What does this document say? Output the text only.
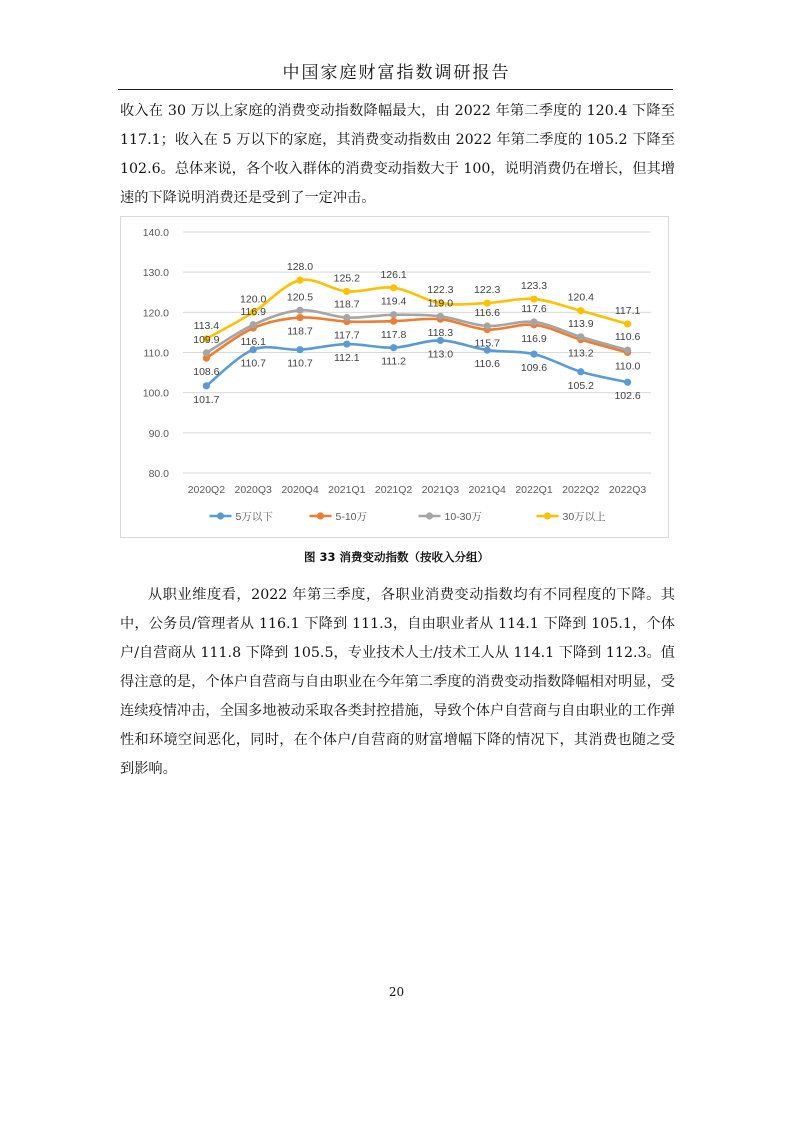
中国家庭财富指数调研报告

收入在 30 万以上家庭的消费变动指数降幅最大，由 2022 年第二季度的 120.4 下降至 117.1；收入在 5 万以下的家庭，其消费变动指数由 2022 年第二季度的 105.2 下降至 102.6。总体来说，各个收入群体的消费变动指数大于 100，说明消费仍在增长，但其增速的下降说明消费还是受到了一定冲击。

80.0
90.0
100.0
110.0
120.0
130.0
140.0
2020Q2 2020Q3 2020Q4 2021Q1 2021Q2 2021Q3 2021Q4 2022Q1 2022Q2 2022Q3
101.7
110.7 110.7 112.1 111.2
113.0
110.6 109.6
105.2
102.6
108.6
116.1
118.7 117.7 117.8 118.3
115.7 116.9
113.2
110.0
109.9
116.9
120.5
118.7 119.4 119.0
116.6 117.6
113.9
110.6
113.4
120.0
128.0
125.2 126.1
122.3 122.3 123.3
120.4
117.1
5万以下	5-10万	10-30万	30万以上
图 33 消费变动指数（按收入分组）

从职业维度看，2022 年第三季度，各职业消费变动指数均有不同程度的下降。其中，公务员/管理者从 116.1 下降到 111.3，自由职业者从 114.1 下降到 105.1，个体户/自营商从 111.8 下降到 105.5，专业技术人士/技术工人从 114.1 下降到 112.3。值得注意的是，个体户自营商与自由职业在今年第二季度的消费变动指数降幅相对明显，受连续疫情冲击，全国多地被动采取各类封控措施，导致个体户自营商与自由职业的工作弹性和环境空间恶化，同时，在个体户/自营商的财富增幅下降的情况下，其消费也随之受到影响。

20
